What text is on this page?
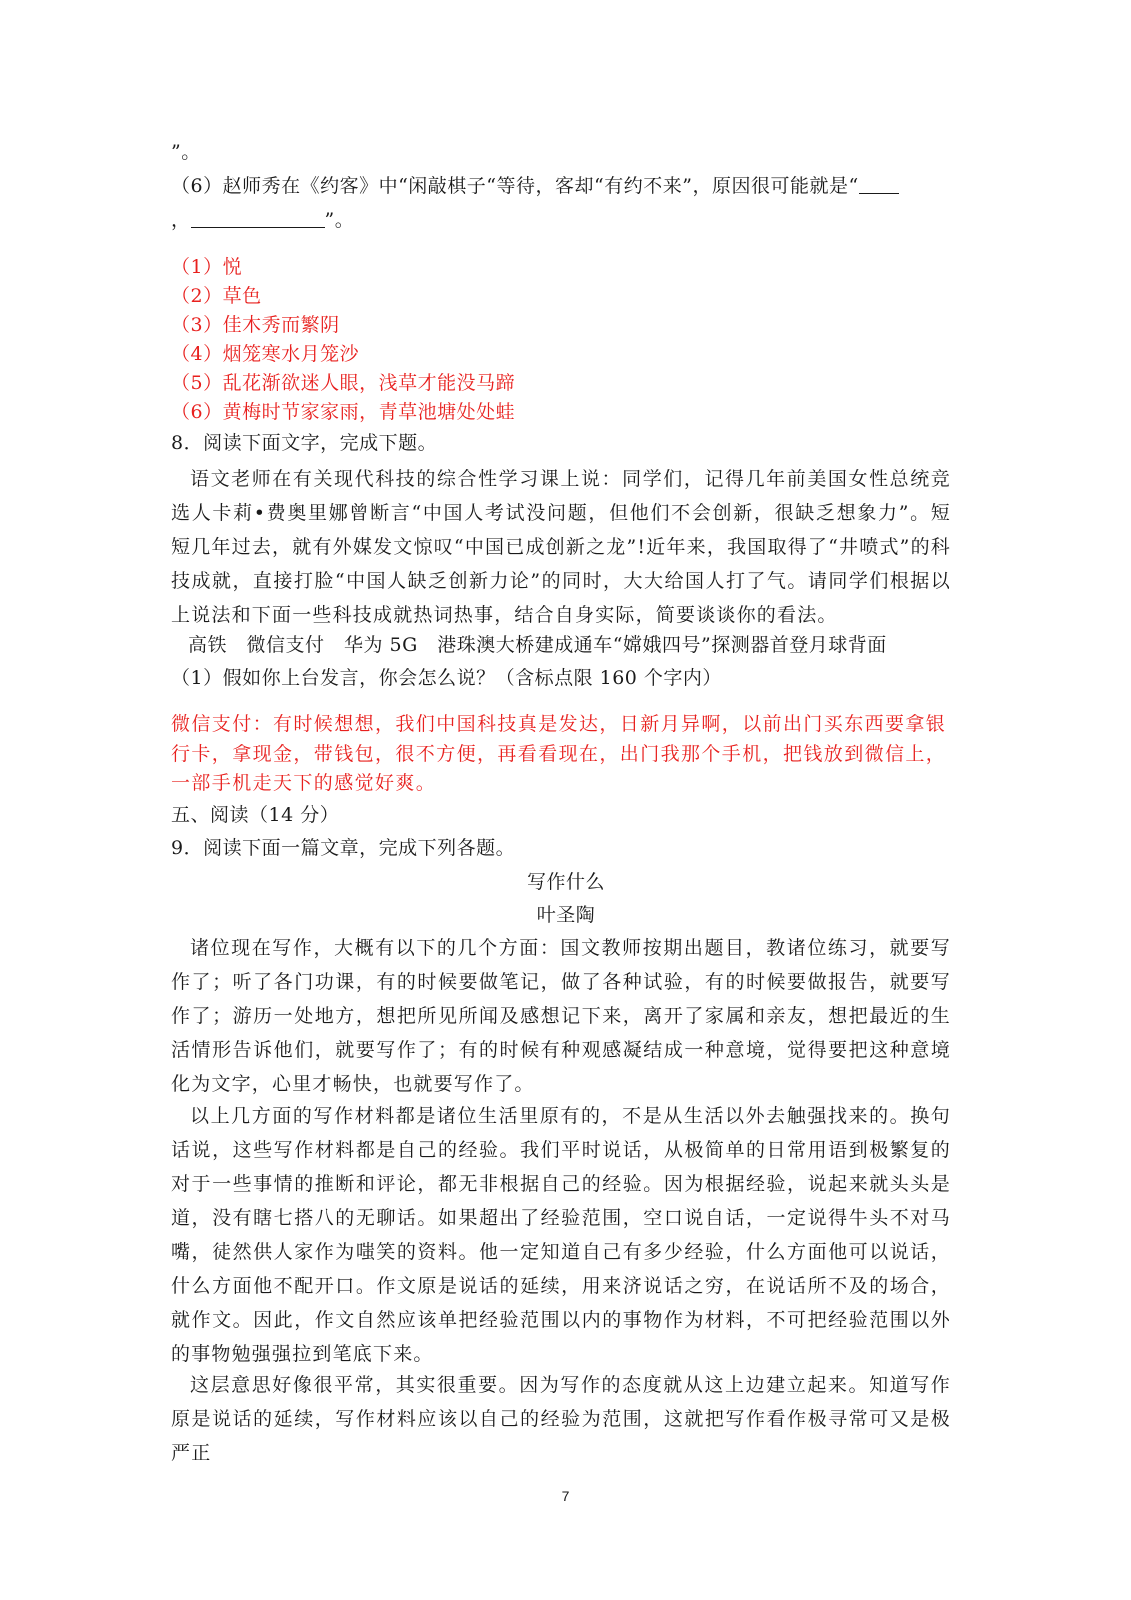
”。
（6）赵师秀在《约客》中“闲敲棋子“等待，客却“有约不来”，原因很可能就是“
，	”。
（1）悦
（2）草色
（3）佳木秀而繁阴
（4）烟笼寒水月笼沙
（5）乱花渐欲迷人眼，浅草才能没马蹄
（6）黄梅时节家家雨，青草池塘处处蛙
8．阅读下面文字，完成下题。

语文老师在有关现代科技的综合性学习课上说：同学们，记得几年前美国女性总统竞选人卡莉•费奥里娜曾断言“中国人考试没问题，但他们不会创新，很缺乏想象力”。短短几年过去，就有外媒发文惊叹“中国已成创新之龙”!近年来，我国取得了“井喷式”的科技成就，直接打脸“中国人缺乏创新力论”的同时，大大给国人打了气。请同学们根据以上说法和下面一些科技成就热词热事，结合自身实际，简要谈谈你的看法。

高铁　微信支付　华为 5G　港珠澳大桥建成通车“嫦娥四号”探测器首登月球背面
（1）假如你上台发言，你会怎么说？（含标点限 160 个字内）

微信支付：有时候想想，我们中国科技真是发达，日新月异啊，以前出门买东西要拿银行卡，拿现金，带钱包，很不方便，再看看现在，出门我那个手机，把钱放到微信上，一部手机走天下的感觉好爽。

五、阅读（14 分）
9．阅读下面一篇文章，完成下列各题。
写作什么
叶圣陶

诸位现在写作，大概有以下的几个方面：国文教师按期出题目，教诸位练习，就要写作了；听了各门功课，有的时候要做笔记，做了各种试验，有的时候要做报告，就要写作了；游历一处地方，想把所见所闻及感想记下来，离开了家属和亲友，想把最近的生活情形告诉他们，就要写作了；有的时候有种观感凝结成一种意境，觉得要把这种意境化为文字，心里才畅快，也就要写作了。

以上几方面的写作材料都是诸位生活里原有的，不是从生活以外去触强找来的。换句话说，这些写作材料都是自己的经验。我们平时说话，从极简单的日常用语到极繁复的对于一些事情的推断和评论，都无非根据自己的经验。因为根据经验，说起来就头头是道，没有瞎七搭八的无聊话。如果超出了经验范围，空口说自话，一定说得牛头不对马嘴，徒然供人家作为嗤笑的资料。他一定知道自己有多少经验，什么方面他可以说话，什么方面他不配开口。作文原是说话的延续，用来济说话之穷，在说话所不及的场合，就作文。因此，作文自然应该单把经验范围以内的事物作为材料，不可把经验范围以外的事物勉强强拉到笔底下来。

这层意思好像很平常，其实很重要。因为写作的态度就从这上边建立起来。知道写作原是说话的延续，写作材料应该以自己的经验为范围，这就把写作看作极寻常可又是极严正

7
